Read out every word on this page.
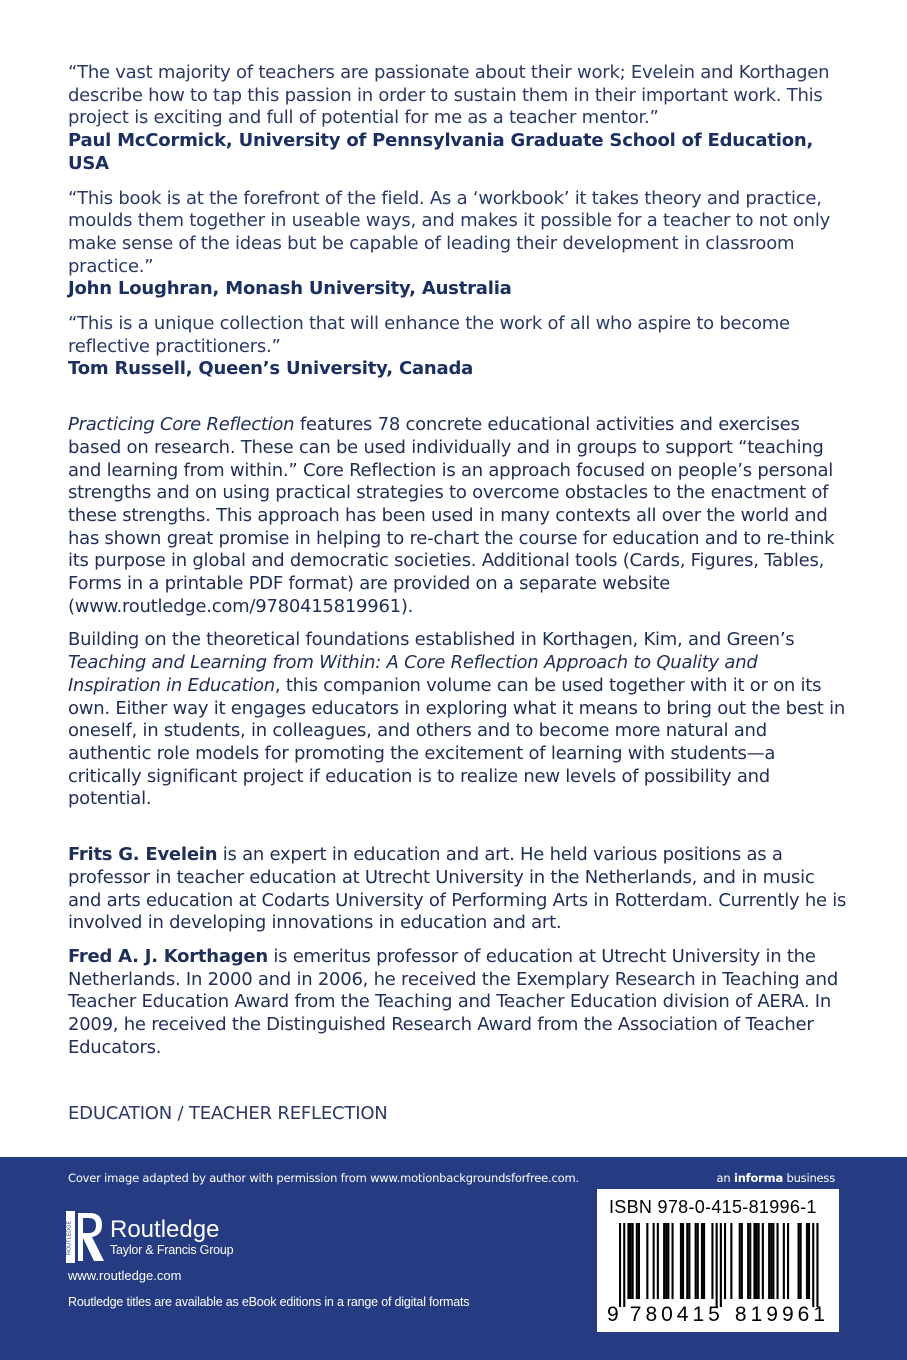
“The vast majority of teachers are passionate about their work; Evelein and Korthagen describe how to tap this passion in order to sustain them in their important work. This project is exciting and full of potential for me as a teacher mentor.”
Paul McCormick, University of Pennsylvania Graduate School of Education, USA
“This book is at the forefront of the field. As a ‘workbook’ it takes theory and practice, moulds them together in useable ways, and makes it possible for a teacher to not only make sense of the ideas but be capable of leading their development in classroom practice.”
John Loughran, Monash University, Australia
“This is a unique collection that will enhance the work of all who aspire to become reflective practitioners.”
Tom Russell, Queen’s University, Canada

Practicing Core Reflection features 78 concrete educational activities and exercises based on research. These can be used individually and in groups to support “teaching and learning from within.” Core Reflection is an approach focused on people’s personal strengths and on using practical strategies to overcome obstacles to the enactment of these strengths. This approach has been used in many contexts all over the world and has shown great promise in helping to re-chart the course for education and to re-think its purpose in global and democratic societies. Additional tools (Cards, Figures, Tables, Forms in a printable PDF format) are provided on a separate website (www.routledge.com/9780415819961).

Building on the theoretical foundations established in Korthagen, Kim, and Green’s Teaching and Learning from Within: A Core Reflection Approach to Quality and Inspiration in Education, this companion volume can be used together with it or on its own. Either way it engages educators in exploring what it means to bring out the best in oneself, in students, in colleagues, and others and to become more natural and authentic role models for promoting the excitement of learning with students—a critically significant project if education is to realize new levels of possibility and potential.

Frits G. Evelein is an expert in education and art. He held various positions as a professor in teacher education at Utrecht University in the Netherlands, and in music and arts education at Codarts University of Performing Arts in Rotterdam. Currently he is involved in developing innovations in education and art.

Fred A. J. Korthagen is emeritus professor of education at Utrecht University in the Netherlands. In 2000 and in 2006, he received the Exemplary Research in Teaching and Teacher Education Award from the Teaching and Teacher Education division of AERA. In 2009, he received the Distinguished Research Award from the Association of Teacher Educators.

EDUCATION / TEACHER REFLECTION
Cover image adapted by author with permission from www.motionbackgroundsforfree.com.	an informa business
ROUTLEDGE Routledge
Taylor & Francis Group
www.routledge.com
Routledge titles are available as eBook editions in a range of digital formats
ISBN 978-0-415-81996-1
9 780415 819961
